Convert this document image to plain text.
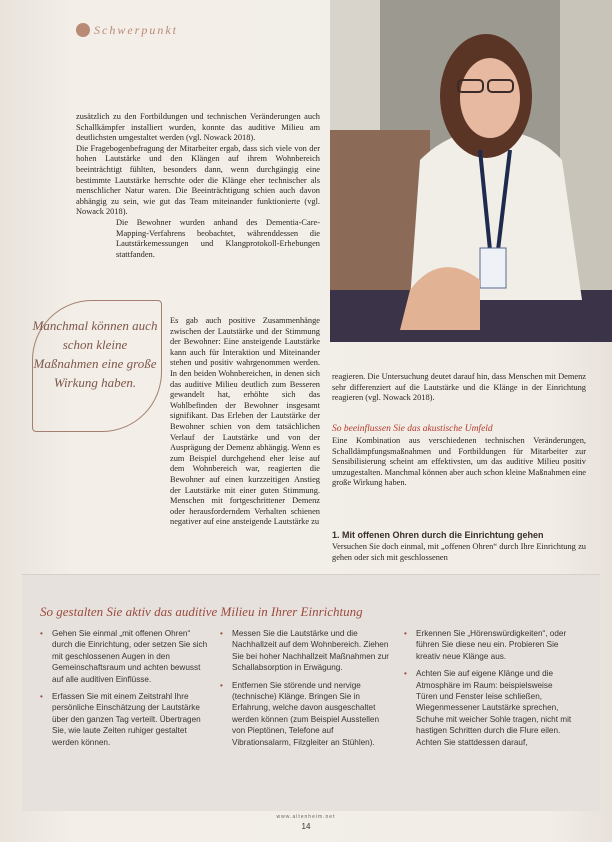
Schwerpunkt

zusätzlich zu den Fortbildungen und technischen Veränderungen auch Schallkämpfer installiert wurden, konnte das auditive Milieu am deutlichsten umgestaltet werden (vgl. Nowack 2018).

Die Fragebogenbefragung der Mitarbeiter ergab, dass sich viele von der hohen Lautstärke und den Klängen auf ihrem Wohnbereich beeinträchtigt fühlten, besonders dann, wenn durchgängig eine bestimmte Lautstärke herrschte oder die Klänge eher technischer als menschlicher Natur waren. Die Beeinträchtigung schien auch davon abhängig zu sein, wie gut das Team miteinander funktionierte (vgl. Nowack 2018).

Die Bewohner wurden anhand des Dementia-Care-Mapping-Verfahrens beobachtet, währenddessen die Lautstärkemessungen und Klangprotokoll-Erhebungen stattfanden.

Manchmal können auch schon kleine Maßnahmen eine große Wirkung haben.

Es gab auch positive Zusammenhänge zwischen der Lautstärke und der Stimmung der Bewohner: Eine ansteigende Lautstärke kann auch für Interaktion und Miteinander stehen und positiv wahrgenommen werden. In den beiden Wohnbereichen, in denen sich das auditive Milieu deutlich zum Besseren gewandelt hat, erhöhte sich das Wohlbefinden der Bewohner insgesamt signifikant. Das Erleben der Lautstärke der Bewohner schien von dem tatsächlichen Verlauf der Lautstärke und von der Ausprägung der Demenz abhängig. Wenn es zum Beispiel durchgehend eher leise auf dem Wohnbereich war, reagierten die Bewohner auf einen kurzzeitigen Anstieg der Lautstärke mit einer guten Stimmung. Menschen mit fortgeschrittener Demenz oder herausforderndem Verhalten schienen negativer auf eine ansteigende Lautstärke zu

reagieren. Die Untersuchung deutet darauf hin, dass Menschen mit Demenz sehr differenziert auf die Lautstärke und die Klänge in der Einrichtung reagieren (vgl. Nowack 2018).

So beeinflussen Sie das akustische Umfeld

Eine Kombination aus verschiedenen technischen Veränderungen, Schalldämpfungsmaßnahmen und Fortbildungen für Mitarbeiter zur Sensibilisierung scheint am effektivsten, um das auditive Milieu positiv umzugestalten. Manchmal können aber auch schon kleine Maßnahmen eine große Wirkung haben.

1. Mit offenen Ohren durch die Einrichtung gehen

Versuchen Sie doch einmal, mit „offenen Ohren“ durch Ihre Einrichtung zu gehen oder sich mit geschlossenen

So gestalten Sie aktiv das auditive Milieu in Ihrer Einrichtung
• Gehen Sie einmal „mit offenen Ohren“ durch die Einrichtung, oder setzen Sie sich mit geschlossenen Augen in den Gemeinschaftsraum und achten bewusst auf alle auditiven Einflüsse.
• Erfassen Sie mit einem Zeitstrahl Ihre persönliche Einschätzung der Lautstärke über den ganzen Tag verteilt. Übertragen Sie, wie laute Zeiten ruhiger gestaltet werden können.
• Messen Sie die Lautstärke und die Nachhallzeit auf dem Wohnbereich. Ziehen Sie bei hoher Nachhallzeit Maßnahmen zur Schallabsorption in Erwägung.
• Entfernen Sie störende und nervige (technische) Klänge. Bringen Sie in Erfahrung, welche davon ausgeschaltet werden können (zum Beispiel Ausstellen von Pieptönen, Telefone auf Vibrationsalarm, Filzgleiter an Stühlen).
• Erkennen Sie „Hörenswürdigkeiten“, oder führen Sie diese neu ein. Probieren Sie kreativ neue Klänge aus.
• Achten Sie auf eigene Klänge und die Atmosphäre im Raum: beispielsweise Türen und Fenster leise schließen, Wiegenmessener Lautstärke sprechen, Schuhe mit weicher Sohle tragen, nicht mit hastigen Schritten durch die Flure eilen. Achten Sie stattdessen darauf,
www.altenheim.net
14
